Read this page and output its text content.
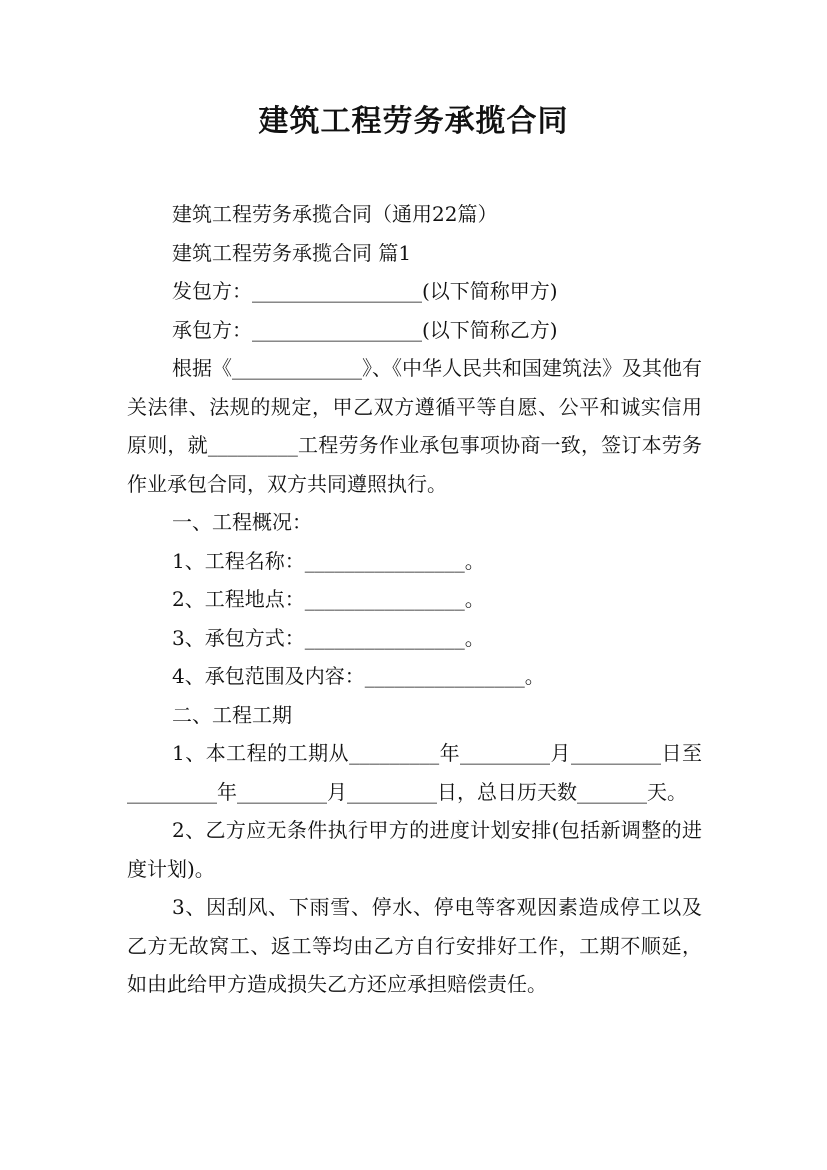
建筑工程劳务承揽合同

建筑工程劳务承揽合同（通用22篇）

建筑工程劳务承揽合同 篇1

发包方：_________________(以下简称甲方)

承包方：_________________(以下简称乙方)

根据《_____________》、《中华人民共和国建筑法》及其他有关法律、法规的规定，甲乙双方遵循平等自愿、公平和诚实信用原则，就_________工程劳务作业承包事项协商一致，签订本劳务作业承包合同，双方共同遵照执行。

一、工程概况：

1、工程名称：________________。

2、工程地点：________________。

3、承包方式：________________。

4、承包范围及内容：________________。

二、工程工期

1、本工程的工期从_________年_________月_________日至_________年_________月_________日，总日历天数_______天。

2、乙方应无条件执行甲方的进度计划安排(包括新调整的进度计划)。

3、因刮风、下雨雪、停水、停电等客观因素造成停工以及乙方无故窝工、返工等均由乙方自行安排好工作，工期不顺延，如由此给甲方造成损失乙方还应承担赔偿责任。
